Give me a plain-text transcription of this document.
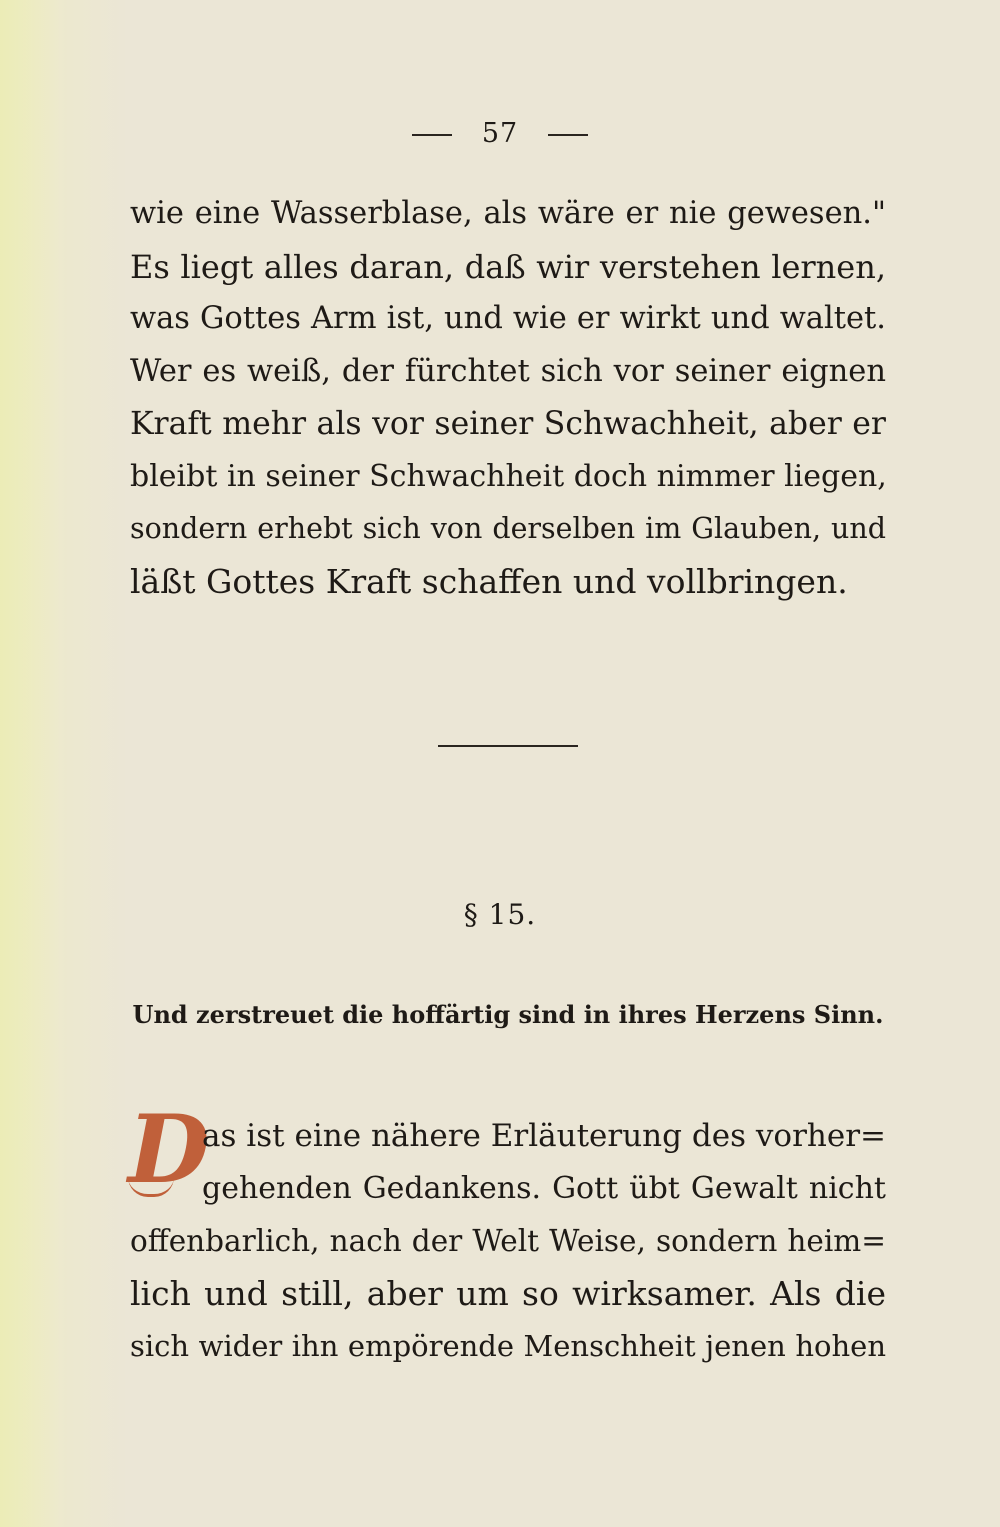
57
wie eine Wasserblase, als wäre er nie gewesen."
Es liegt alles daran, daß wir verstehen lernen,
was Gottes Arm ist, und wie er wirkt und waltet.
Wer es weiß, der fürchtet sich vor seiner eignen
Kraft mehr als vor seiner Schwachheit, aber er
bleibt in seiner Schwachheit doch nimmer liegen,
sondern erhebt sich von derselben im Glauben, und
läßt Gottes Kraft schaffen und vollbringen.
§ 15.
Und zerstreuet die hoffärtig sind in ihres Herzens Sinn.
D
as ist eine nähere Erläuterung des vorher=
gehenden Gedankens. Gott übt Gewalt nicht
offenbarlich, nach der Welt Weise, sondern heim=
lich und still, aber um so wirksamer. Als die
sich wider ihn empörende Menschheit jenen hohen
